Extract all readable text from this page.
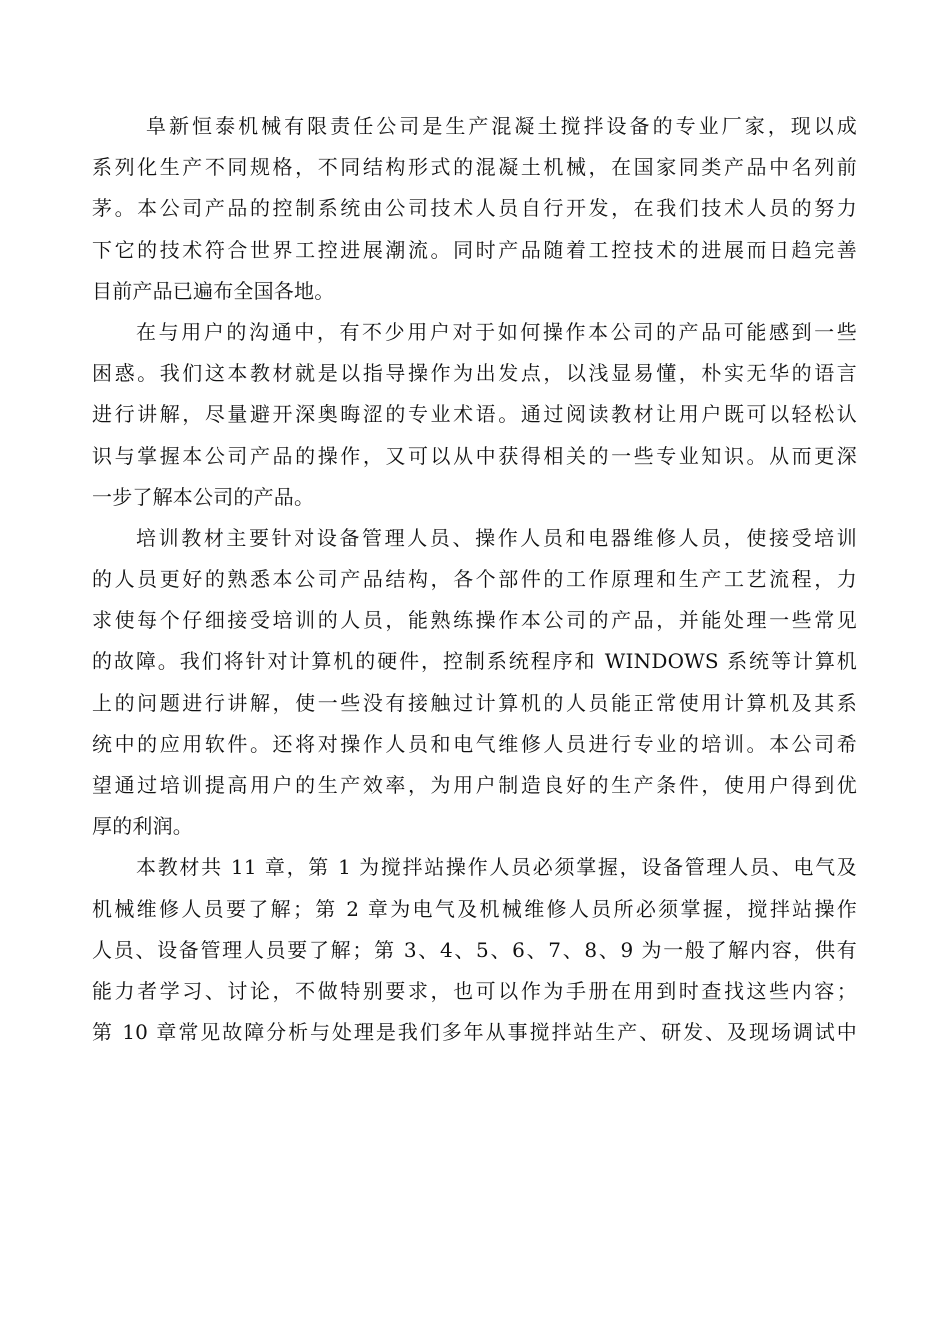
阜新恒泰机械有限责任公司是生产混凝土搅拌设备的专业厂家，现以成
系列化生产不同规格，不同结构形式的混凝土机械，在国家同类产品中名列前
茅。本公司产品的控制系统由公司技术人员自行开发，在我们技术人员的努力
下它的技术符合世界工控进展潮流。同时产品随着工控技术的进展而日趋完善
目前产品已遍布全国各地。
在与用户的沟通中，有不少用户对于如何操作本公司的产品可能感到一些
困惑。我们这本教材就是以指导操作为出发点，以浅显易懂，朴实无华的语言
进行讲解，尽量避开深奥晦涩的专业术语。通过阅读教材让用户既可以轻松认
识与掌握本公司产品的操作，又可以从中获得相关的一些专业知识。从而更深
一步了解本公司的产品。
培训教材主要针对设备管理人员、操作人员和电器维修人员，使接受培训
的人员更好的熟悉本公司产品结构，各个部件的工作原理和生产工艺流程，力
求使每个仔细接受培训的人员，能熟练操作本公司的产品，并能处理一些常见
的故障。我们将针对计算机的硬件，控制系统程序和 WINDOWS 系统等计算机
上的问题进行讲解，使一些没有接触过计算机的人员能正常使用计算机及其系
统中的应用软件。还将对操作人员和电气维修人员进行专业的培训。本公司希
望通过培训提高用户的生产效率，为用户制造良好的生产条件，使用户得到优
厚的利润。
本教材共 11 章，第 1 为搅拌站操作人员必须掌握，设备管理人员、电气及
机械维修人员要了解；第 2 章为电气及机械维修人员所必须掌握，搅拌站操作
人员、设备管理人员要了解；第 3、4、5、6、7、8、9 为一般了解内容，供有
能力者学习、讨论，不做特别要求，也可以作为手册在用到时查找这些内容；
第 10 章常见故障分析与处理是我们多年从事搅拌站生产、研发、及现场调试中
